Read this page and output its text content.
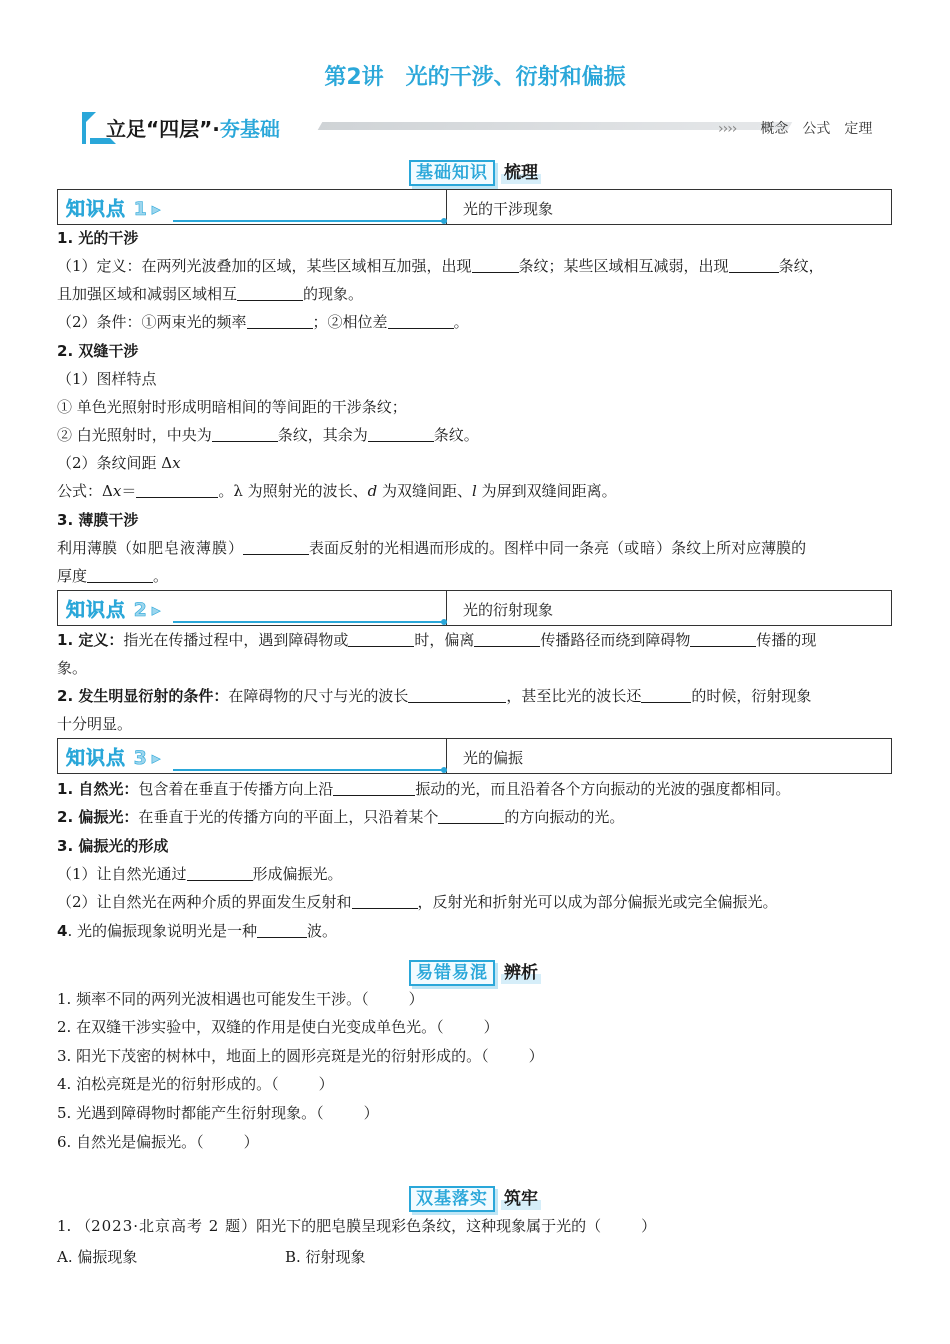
第2讲 光的干涉、衍射和偏振
立足“四层”·夯基础	›››› 概念 公式 定理
基础知识 梳理
知识点 1 ▶	光的干涉现象
1. 光的干涉
（1）定义：在两列光波叠加的区域，某些区域相互加强，出现	条纹；某些区域相互减弱，出现	条纹，
且加强区域和减弱区域相互	的现象。
（2）条件：①两束光的频率	；②相位差	。
2. 双缝干涉
（1）图样特点
① 单色光照射时形成明暗相间的等间距的干涉条纹；
② 白光照射时，中央为	条纹，其余为	条纹。
（2）条纹间距 Δx
公式：Δx＝	。λ 为照射光的波长、d 为双缝间距、l 为屏到双缝间距离。
3. 薄膜干涉
利用薄膜（如肥皂液薄膜）	表面反射的光相遇而形成的。图样中同一条亮（或暗）条纹上所对应薄膜的
厚度	。
知识点 2 ▶	光的衍射现象
1. 定义：指光在传播过程中，遇到障碍物或	时，偏离	传播路径而绕到障碍物	传播的现
象。
2. 发生明显衍射的条件：在障碍物的尺寸与光的波长	，甚至比光的波长还	的时候，衍射现象
十分明显。
知识点 3 ▶	光的偏振
1. 自然光：包含着在垂直于传播方向上沿	振动的光，而且沿着各个方向振动的光波的强度都相同。
2. 偏振光：在垂直于光的传播方向的平面上，只沿着某个	的方向振动的光。
3. 偏振光的形成
（1）让自然光通过	形成偏振光。
（2）让自然光在两种介质的界面发生反射和	，反射光和折射光可以成为部分偏振光或完全偏振光。
4. 光的偏振现象说明光是一种	波。
易错易混 辨析
1. 频率不同的两列光波相遇也可能发生干涉。（	）
2. 在双缝干涉实验中，双缝的作用是使白光变成单色光。（	）
3. 阳光下茂密的树林中，地面上的圆形亮斑是光的衍射形成的。（	）
4. 泊松亮斑是光的衍射形成的。（	）
5. 光遇到障碍物时都能产生衍射现象。（	）
6. 自然光是偏振光。（	）
双基落实 筑牢
1. （2023·北京高考 2 题）阳光下的肥皂膜呈现彩色条纹，这种现象属于光的（	）
A. 偏振现象	B. 衍射现象
